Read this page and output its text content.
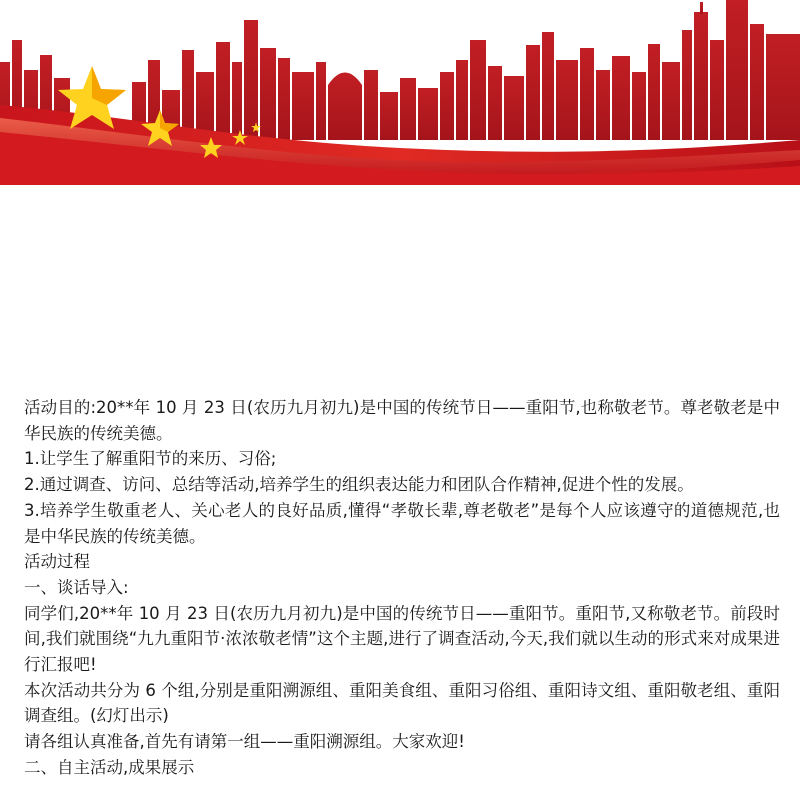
活动目的:20**年 10 月 23 日(农历九月初九)是中国的传统节日——重阳节,也称敬老节。尊老敬老是中华民族的传统美德。

1.让学生了解重阳节的来历、习俗;

2.通过调查、访问、总结等活动,培养学生的组织表达能力和团队合作精神,促进个性的发展。

3.培养学生敬重老人、关心老人的良好品质,懂得“孝敬长辈,尊老敬老”是每个人应该遵守的道德规范,也是中华民族的传统美德。

活动过程

一、谈话导入:

同学们,20**年 10 月 23 日(农历九月初九)是中国的传统节日——重阳节。重阳节,又称敬老节。前段时间,我们就围绕“九九重阳节·浓浓敬老情”这个主题,进行了调查活动,今天,我们就以生动的形式来对成果进行汇报吧!

本次活动共分为 6 个组,分别是重阳溯源组、重阳美食组、重阳习俗组、重阳诗文组、重阳敬老组、重阳调查组。(幻灯出示)

请各组认真准备,首先有请第一组——重阳溯源组。大家欢迎!

二、自主活动,成果展示
